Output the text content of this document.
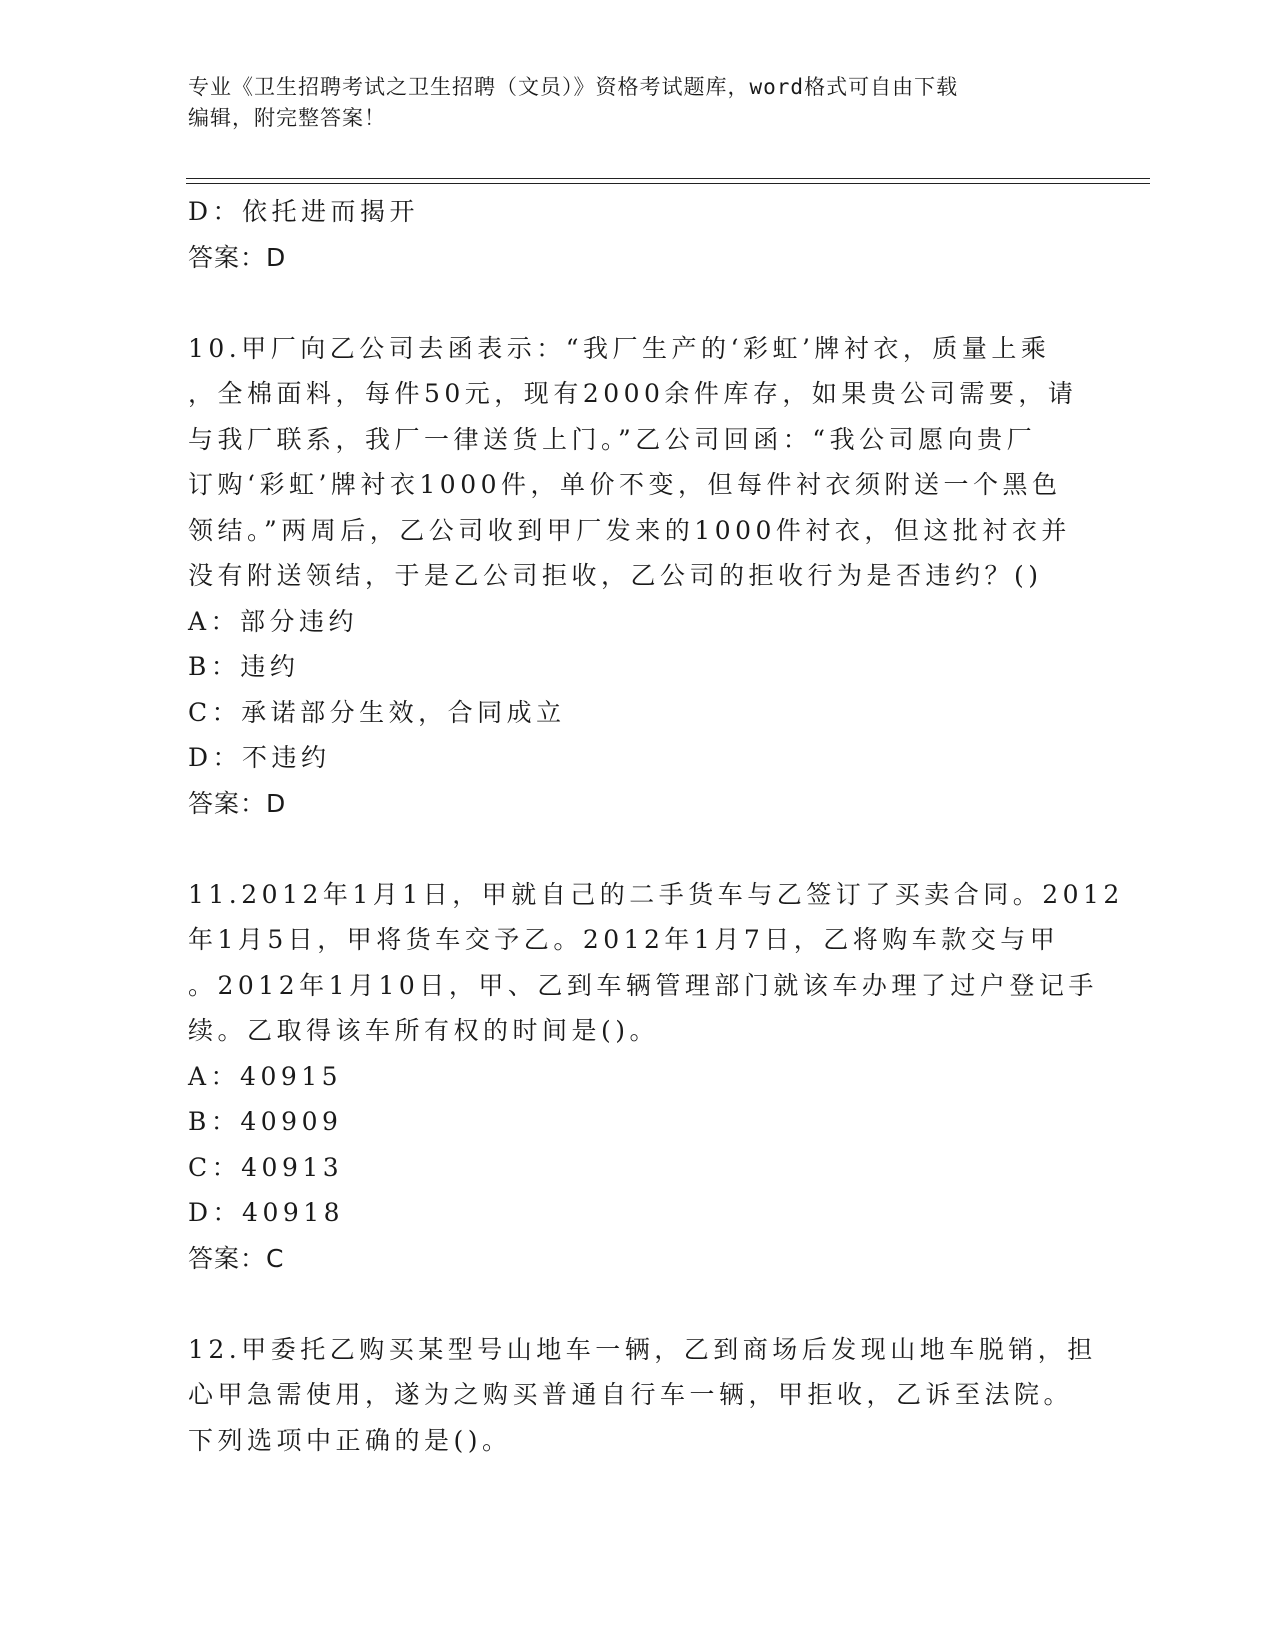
专业《卫生招聘考试之卫生招聘（文员）》资格考试题库，word格式可自由下载
编辑，附完整答案！
D：依托进而揭开
答案：D
10.甲厂向乙公司去函表示：“我厂生产的‘彩虹’牌衬衣，质量上乘
，全棉面料，每件50元，现有2000余件库存，如果贵公司需要，请
与我厂联系，我厂一律送货上门。”乙公司回函：“我公司愿向贵厂
订购‘彩虹’牌衬衣1000件，单价不变，但每件衬衣须附送一个黑色
领结。”两周后，乙公司收到甲厂发来的1000件衬衣，但这批衬衣并
没有附送领结，于是乙公司拒收，乙公司的拒收行为是否违约？()
A：部分违约
B：违约
C：承诺部分生效，合同成立
D：不违约
答案：D
11.2012年1月1日，甲就自己的二手货车与乙签订了买卖合同。2012
年1月5日，甲将货车交予乙。2012年1月7日，乙将购车款交与甲
。2012年1月10日，甲、乙到车辆管理部门就该车办理了过户登记手
续。乙取得该车所有权的时间是()。
A：40915
B：40909
C：40913
D：40918
答案：C
12.甲委托乙购买某型号山地车一辆，乙到商场后发现山地车脱销，担
心甲急需使用，遂为之购买普通自行车一辆，甲拒收，乙诉至法院。
下列选项中正确的是()。
